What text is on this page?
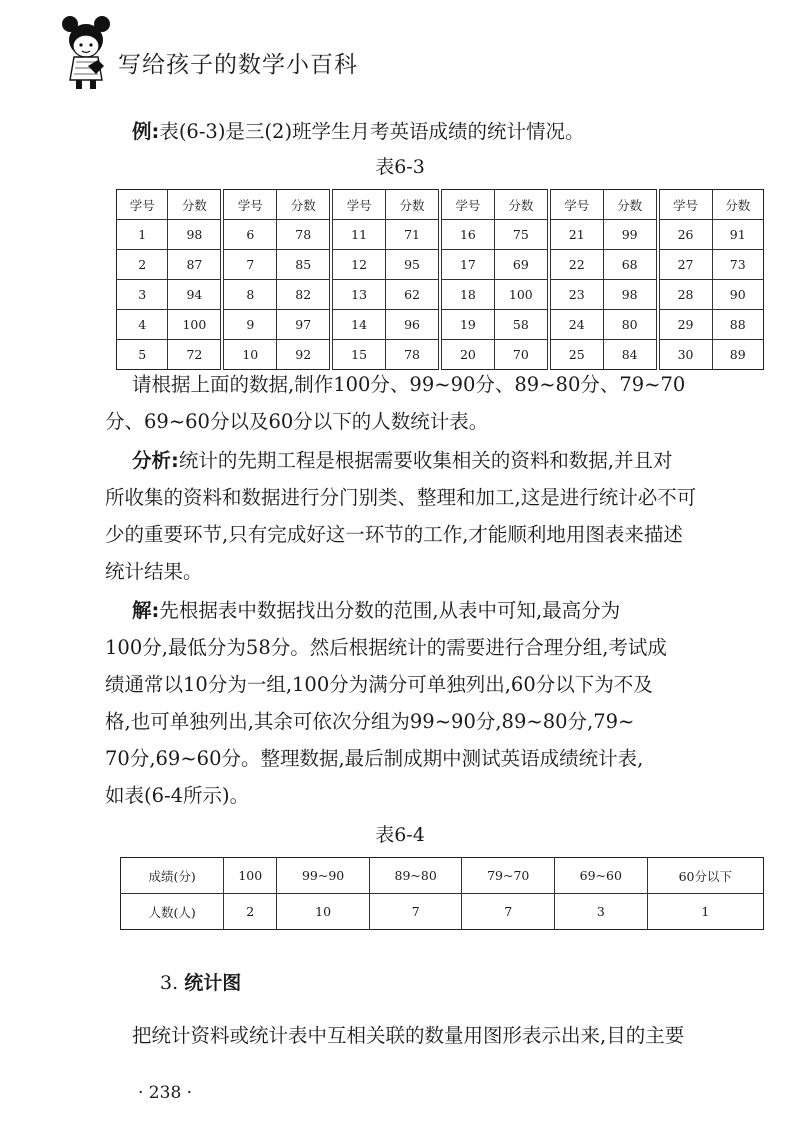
写给孩子的数学小百科
例:表(6-3)是三(2)班学生月考英语成绩的统计情况。
表6-3
学号	分数	学号	分数	学号	分数	学号	分数	学号	分数	学号	分数
1	98	6	78	11	71	16	75	21	99	26	91
2	87	7	85	12	95	17	69	22	68	27	73
3	94	8	82	13	62	18	100	23	98	28	90
4	100	9	97	14	96	19	58	24	80	29	88
5	72	10	92	15	78	20	70	25	84	30	89
请根据上面的数据,制作100分、99~90分、89~80分、79~70
分、69~60分以及60分以下的人数统计表。
分析:统计的先期工程是根据需要收集相关的资料和数据,并且对
所收集的资料和数据进行分门别类、整理和加工,这是进行统计必不可
少的重要环节,只有完成好这一环节的工作,才能顺利地用图表来描述
统计结果。
解:先根据表中数据找出分数的范围,从表中可知,最高分为
100分,最低分为58分。然后根据统计的需要进行合理分组,考试成
绩通常以10分为一组,100分为满分可单独列出,60分以下为不及
格,也可单独列出,其余可依次分组为99~90分,89~80分,79~
70分,69~60分。整理数据,最后制成期中测试英语成绩统计表,
如表(6-4所示)。
表6-4
成绩(分)	100	99~90	89~80	79~70	69~60	60分以下
人数(人)	2	10	7	7	3	1
3. 统计图
把统计资料或统计表中互相关联的数量用图形表示出来,目的主要
· 238 ·
